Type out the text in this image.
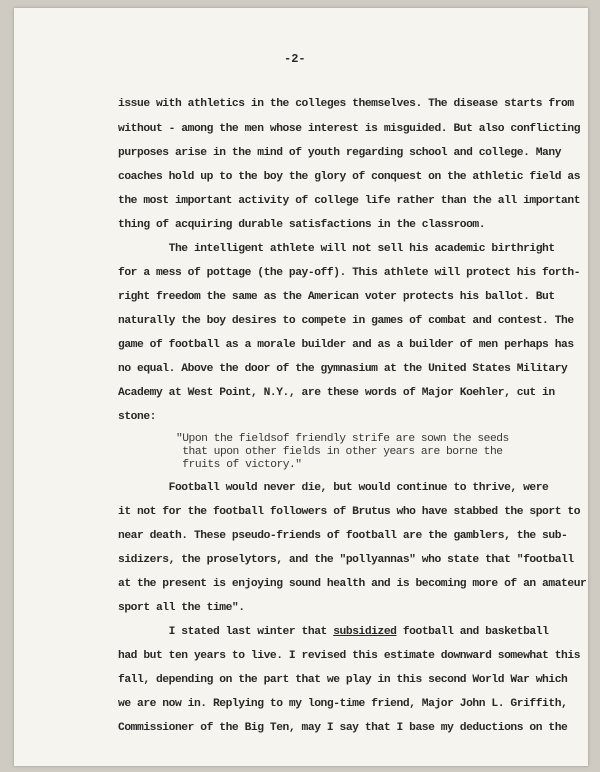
-2-
issue with athletics in the colleges themselves. The disease starts from
without - among the men whose interest is misguided. But also conflicting
purposes arise in the mind of youth regarding school and college. Many
coaches hold up to the boy the glory of conquest on the athletic field as
the most important activity of college life rather than the all important
thing of acquiring durable satisfactions in the classroom.
The intelligent athlete will not sell his academic birthright
for a mess of pottage (the pay-off). This athlete will protect his forth-
right freedom the same as the American voter protects his ballot. But
naturally the boy desires to compete in games of combat and contest. The
game of football as a morale builder and as a builder of men perhaps has
no equal. Above the door of the gymnasium at the United States Military
Academy at West Point, N.Y., are these words of Major Koehler, cut in
stone:
"Upon the fieldsof friendly strife are sown the seeds
that upon other fields in other years are borne the
fruits of victory."
Football would never die, but would continue to thrive, were
it not for the football followers of Brutus who have stabbed the sport to
near death. These pseudo-friends of football are the gamblers, the sub-
sidizers, the proselytors, and the "pollyannas" who state that "football
at the present is enjoying sound health and is becoming more of an amateur
sport all the time".
I stated last winter that subsidized football and basketball
had but ten years to live. I revised this estimate downward somewhat this
fall, depending on the part that we play in this second World War which
we are now in. Replying to my long-time friend, Major John L. Griffith,
Commissioner of the Big Ten, may I say that I base my deductions on the
